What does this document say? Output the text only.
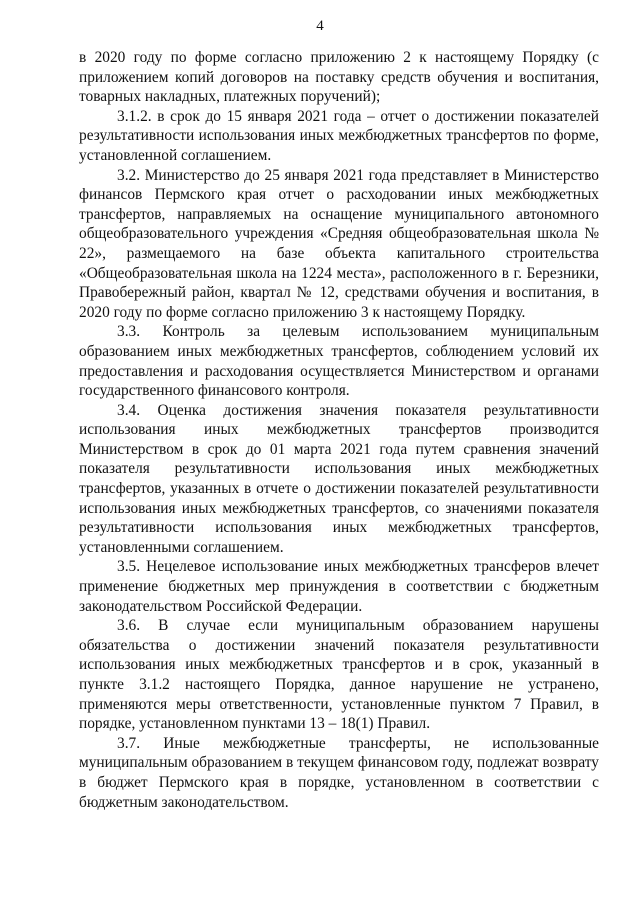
4

в 2020 году по форме согласно приложению 2 к настоящему Порядку (с приложением копий договоров на поставку средств обучения и воспитания, товарных накладных, платежных поручений);

3.1.2. в срок до 15 января 2021 года – отчет о достижении показателей результативности использования иных межбюджетных трансфертов по форме, установленной соглашением.

3.2. Министерство до 25 января 2021 года представляет в Министерство финансов Пермского края отчет о расходовании иных межбюджетных трансфертов, направляемых на оснащение муниципального автономного общеобразовательного учреждения «Средняя общеобразовательная школа № 22», размещаемого на базе объекта капитального строительства «Общеобразовательная школа на 1224 места», расположенного в г. Березники, Правобережный район, квартал № 12, средствами обучения и воспитания, в 2020 году по форме согласно приложению 3 к настоящему Порядку.

3.3. Контроль за целевым использованием муниципальным образованием иных межбюджетных трансфертов, соблюдением условий их предоставления и расходования осуществляется Министерством и органами государственного финансового контроля.

3.4. Оценка достижения значения показателя результативности использования иных межбюджетных трансфертов производится Министерством в срок до 01 марта 2021 года путем сравнения значений показателя результативности использования иных межбюджетных трансфертов, указанных в отчете о достижении показателей результативности использования иных межбюджетных трансфертов, со значениями показателя результативности использования иных межбюджетных трансфертов, установленными соглашением.

3.5. Нецелевое использование иных межбюджетных трансферов влечет применение бюджетных мер принуждения в соответствии с бюджетным законодательством Российской Федерации.

3.6. В случае если муниципальным образованием нарушены обязательства о достижении значений показателя результативности использования иных межбюджетных трансфертов и в срок, указанный в пункте 3.1.2 настоящего Порядка, данное нарушение не устранено, применяются меры ответственности, установленные пунктом 7 Правил, в порядке, установленном пунктами 13 – 18(1) Правил.

3.7. Иные межбюджетные трансферты, не использованные муниципальным образованием в текущем финансовом году, подлежат возврату в бюджет Пермского края в порядке, установленном в соответствии с бюджетным законодательством.
